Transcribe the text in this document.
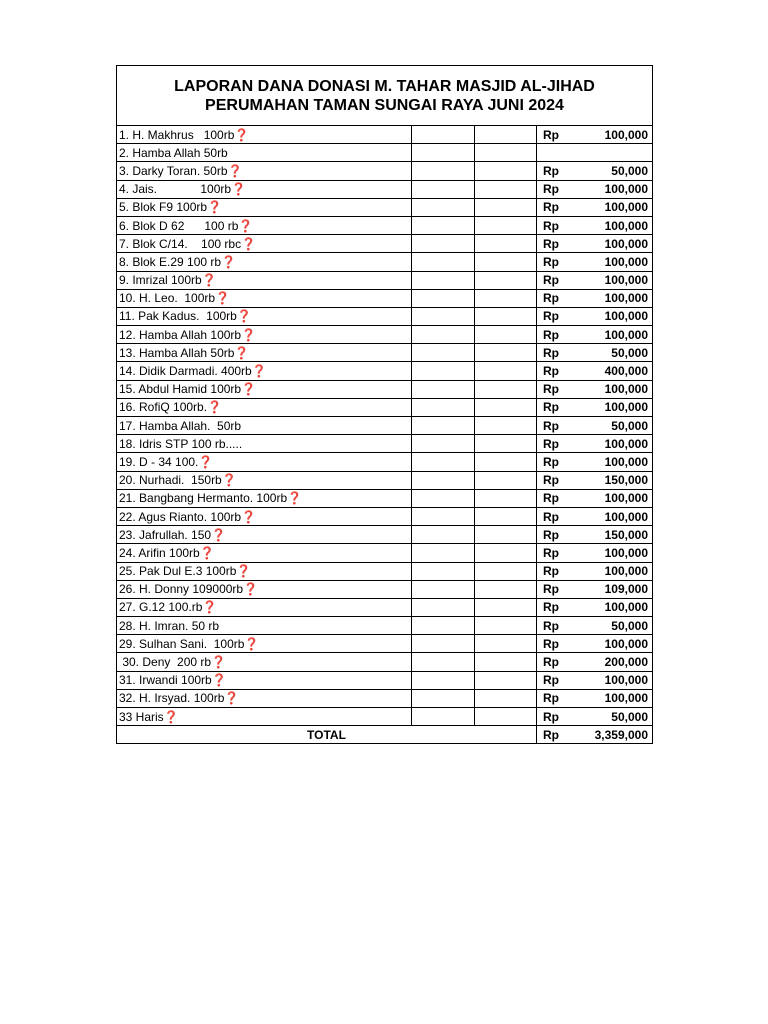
LAPORAN DANA DONASI M. TAHAR MASJID AL-JIHAD
PERUMAHAN TAMAN SUNGAI RAYA JUNI 2024
1. H. Makhrus   100rb❓			Rp	100,000
2. Hamba Allah 50rb				
3. Darky Toran. 50rb❓			Rp	50,000
4. Jais.             100rb❓			Rp	100,000
5. Blok F9 100rb❓			Rp	100,000
6. Blok D 62      100 rb❓			Rp	100,000
7. Blok C/14.    100 rbc❓			Rp	100,000
8. Blok E.29 100 rb❓			Rp	100,000
9. Imrizal 100rb❓			Rp	100,000
10. H. Leo.  100rb❓			Rp	100,000
11. Pak Kadus.  100rb❓			Rp	100,000
12. Hamba Allah 100rb❓			Rp	100,000
13. Hamba Allah 50rb❓			Rp	50,000
14. Didik Darmadi. 400rb❓			Rp	400,000
15. Abdul Hamid 100rb❓			Rp	100,000
16. RofiQ 100rb.❓			Rp	100,000
17. Hamba Allah.  50rb			Rp	50,000
18. Idris STP 100 rb.....			Rp	100,000
19. D - 34 100.❓			Rp	100,000
20. Nurhadi.  150rb❓			Rp	150,000
21. Bangbang Hermanto. 100rb❓			Rp	100,000
22. Agus Rianto. 100rb❓			Rp	100,000
23. Jafrullah. 150❓			Rp	150,000
24. Arifin 100rb❓			Rp	100,000
25. Pak Dul E.3 100rb❓			Rp	100,000
26. H. Donny 109000rb❓			Rp	109,000
27. G.12 100.rb❓			Rp	100,000
28. H. Imran. 50 rb			Rp	50,000
29. Sulhan Sani.  100rb❓			Rp	100,000
30. Deny  200 rb❓			Rp	200,000
31. Irwandi 100rb❓			Rp	100,000
32. H. Irsyad. 100rb❓			Rp	100,000
33 Haris❓			Rp	50,000
TOTAL			Rp	3,359,000
